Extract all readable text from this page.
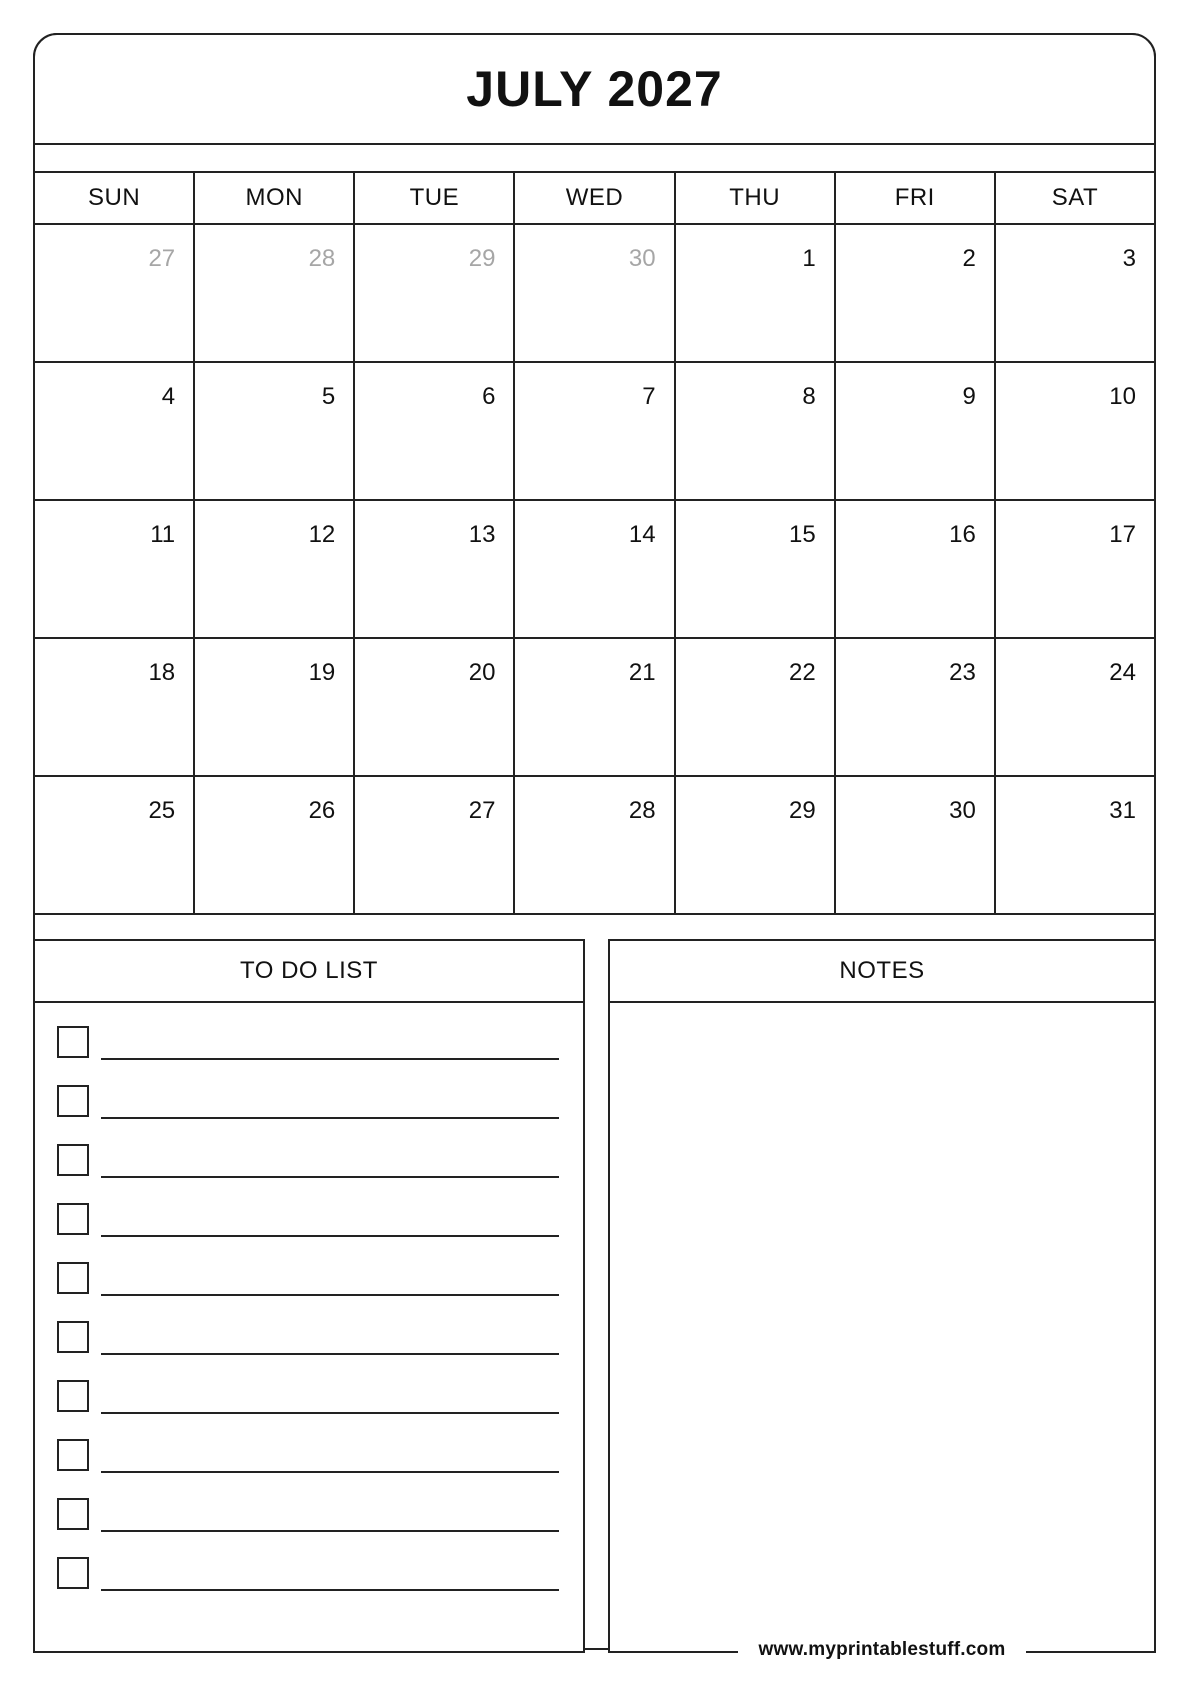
JULY 2027
SUN	MON	TUE	WED	THU	FRI	SAT
27	28	29	30	1	2	3
4	5	6	7	8	9	10
11	12	13	14	15	16	17
18	19	20	21	22	23	24
25	26	27	28	29	30	31
TO DO LIST	NOTES
www.myprintablestuff.com
